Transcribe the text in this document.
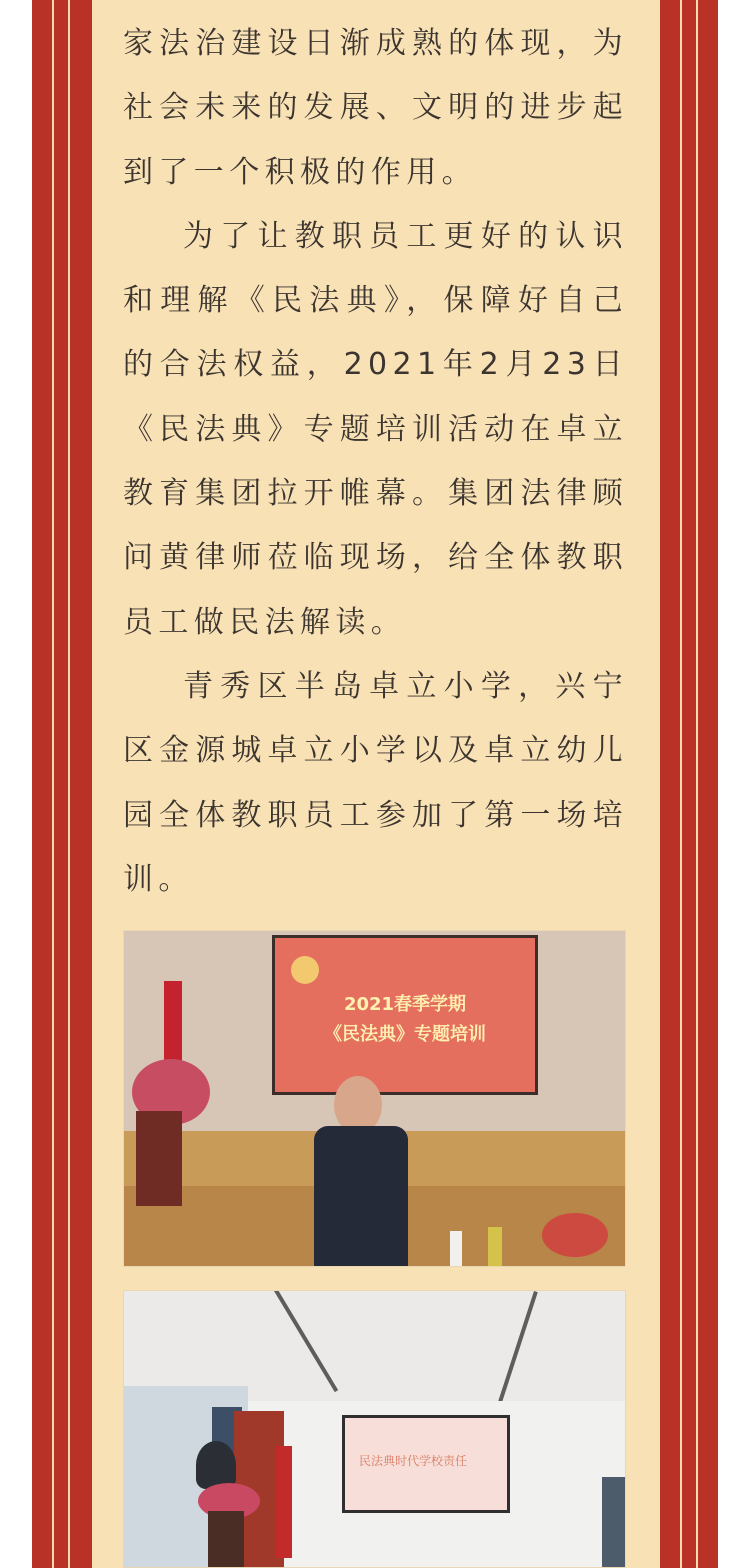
家法治建设日渐成熟的体现，为社会未来的发展、文明的进步起到了一个积极的作用。

为了让教职员工更好的认识和理解《民法典》，保障好自己的合法权益，2021年2月23日《民法典》专题培训活动在卓立教育集团拉开帷幕。集团法律顾问黄律师莅临现场，给全体教职员工做民法解读。

青秀区半岛卓立小学，兴宁区金源城卓立小学以及卓立幼儿园全体教职员工参加了第一场培训。

2021春季学期
《民法典》专题培训
民法典时代学校责任
